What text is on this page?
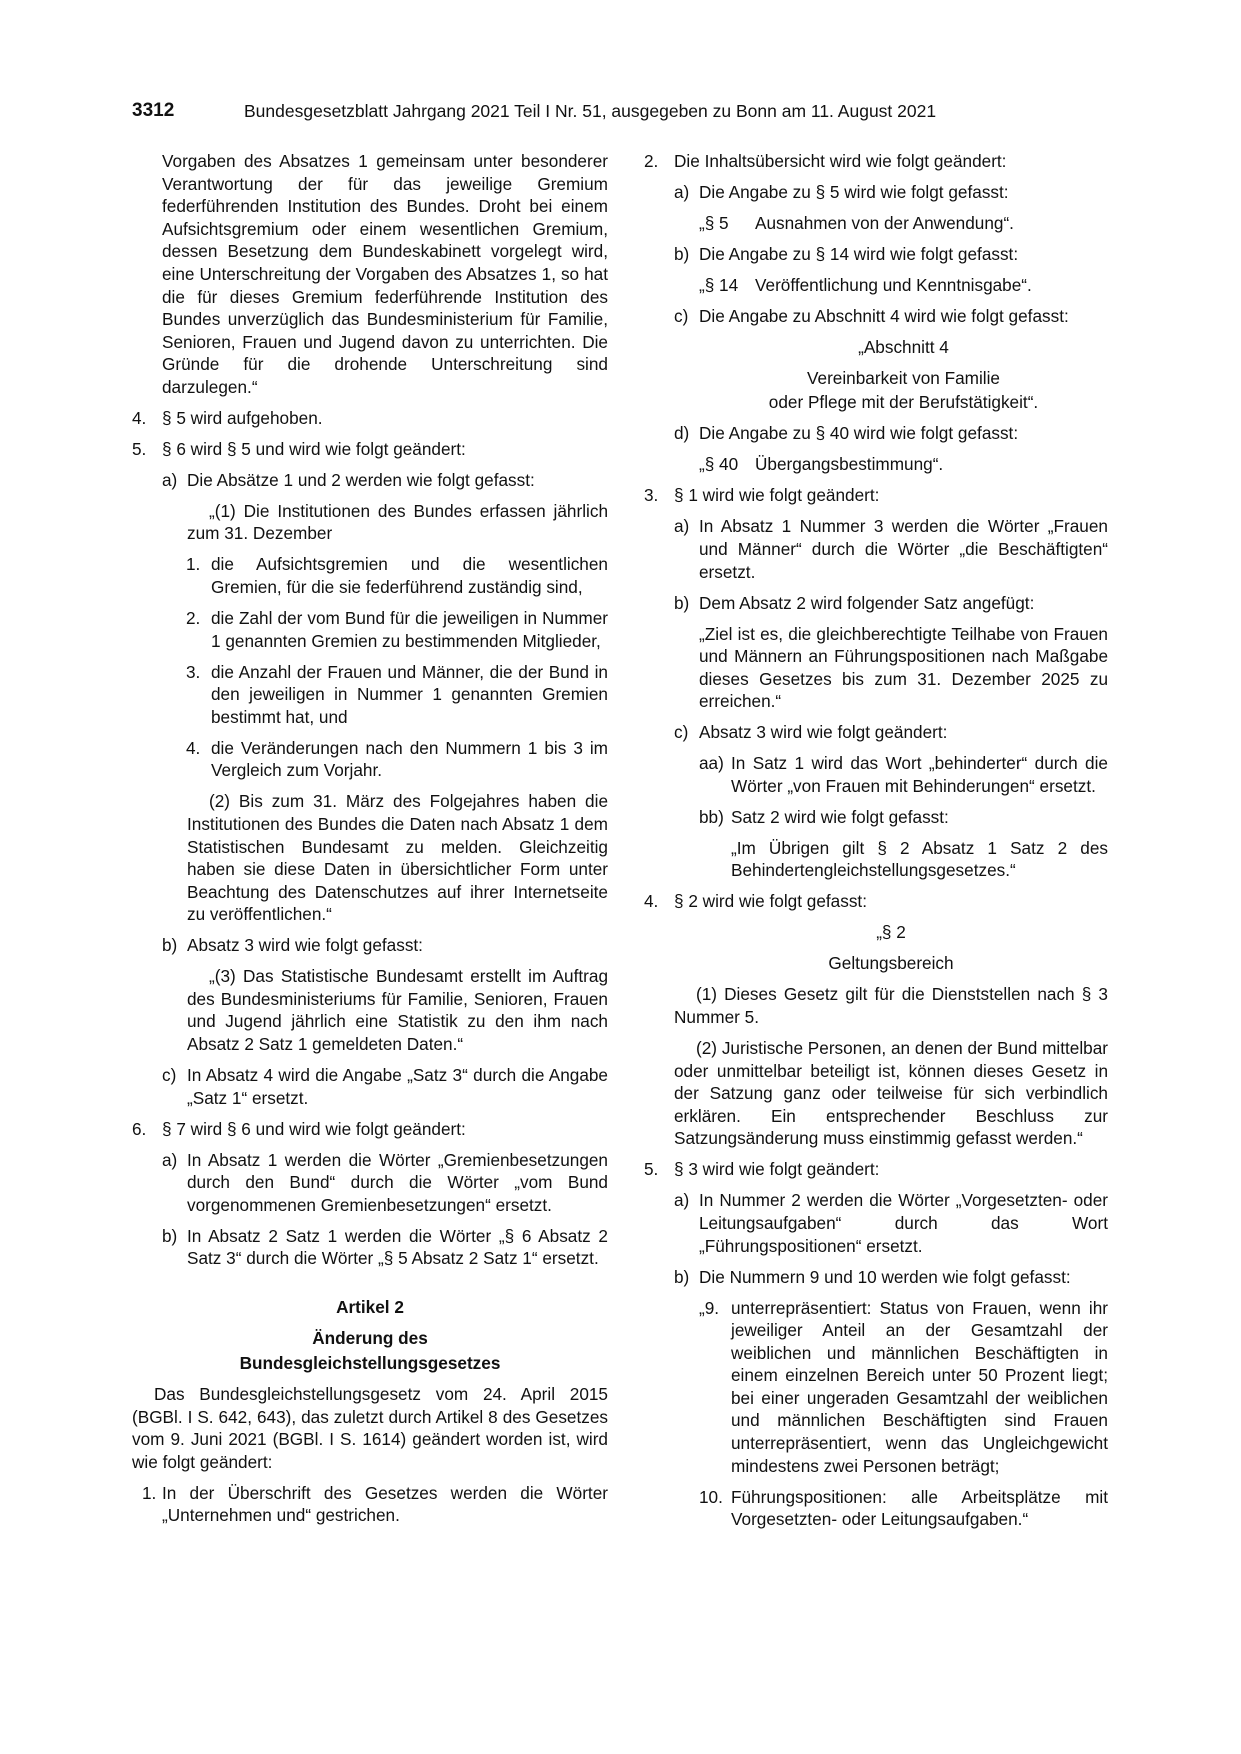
3312	Bundesgesetzblatt Jahrgang 2021 Teil I Nr. 51, ausgegeben zu Bonn am 11. August 2021

Vorgaben des Absatzes 1 gemeinsam unter besonderer Verantwortung der für das jeweilige Gremium federführenden Institution des Bundes. Droht bei einem Aufsichtsgremium oder einem wesentlichen Gremium, dessen Besetzung dem Bundeskabinett vorgelegt wird, eine Unterschreitung der Vorgaben des Absatzes 1, so hat die für dieses Gremium federführende Institution des Bundes unverzüglich das Bundesministerium für Familie, Senioren, Frauen und Jugend davon zu unterrichten. Die Gründe für die drohende Unterschreitung sind darzulegen.“

4. § 5 wird aufgehoben.
5. § 6 wird § 5 und wird wie folgt geändert:
a) Die Absätze 1 und 2 werden wie folgt gefasst:

„(1) Die Institutionen des Bundes erfassen jährlich zum 31. Dezember

1. die Aufsichtsgremien und die wesentlichen Gremien, für die sie federführend zuständig sind,
2. die Zahl der vom Bund für die jeweiligen in Nummer 1 genannten Gremien zu bestimmenden Mitglieder,
3. die Anzahl der Frauen und Männer, die der Bund in den jeweiligen in Nummer 1 genannten Gremien bestimmt hat, und
4. die Veränderungen nach den Nummern 1 bis 3 im Vergleich zum Vorjahr.

(2) Bis zum 31. März des Folgejahres haben die Institutionen des Bundes die Daten nach Absatz 1 dem Statistischen Bundesamt zu melden. Gleichzeitig haben sie diese Daten in übersichtlicher Form unter Beachtung des Datenschutzes auf ihrer Internetseite zu veröffentlichen.“

b) Absatz 3 wird wie folgt gefasst:

„(3) Das Statistische Bundesamt erstellt im Auftrag des Bundesministeriums für Familie, Senioren, Frauen und Jugend jährlich eine Statistik zu den ihm nach Absatz 2 Satz 1 gemeldeten Daten.“

c) In Absatz 4 wird die Angabe „Satz 3“ durch die Angabe „Satz 1“ ersetzt.
6. § 7 wird § 6 und wird wie folgt geändert:
a) In Absatz 1 werden die Wörter „Gremienbesetzungen durch den Bund“ durch die Wörter „vom Bund vorgenommenen Gremienbesetzungen“ ersetzt.
b) In Absatz 2 Satz 1 werden die Wörter „§ 6 Absatz 2 Satz 3“ durch die Wörter „§ 5 Absatz 2 Satz 1“ ersetzt.

Artikel 2

Änderung des

Bundesgleichstellungsgesetzes

Das Bundesgleichstellungsgesetz vom 24. April 2015 (BGBl. I S. 642, 643), das zuletzt durch Artikel 8 des Gesetzes vom 9. Juni 2021 (BGBl. I S. 1614) geändert worden ist, wird wie folgt geändert:

1. In der Überschrift des Gesetzes werden die Wörter „Unternehmen und“ gestrichen.
2. Die Inhaltsübersicht wird wie folgt geändert:
a) Die Angabe zu § 5 wird wie folgt gefasst:
„§ 5	Ausnahmen von der Anwendung“.
b) Die Angabe zu § 14 wird wie folgt gefasst:
„§ 14 Veröffentlichung und Kenntnisgabe“.
c) Die Angabe zu Abschnitt 4 wird wie folgt gefasst:

„Abschnitt 4

Vereinbarkeit von Familie

oder Pflege mit der Berufstätigkeit“.

d) Die Angabe zu § 40 wird wie folgt gefasst:
„§ 40 Übergangsbestimmung“.
3. § 1 wird wie folgt geändert:
a) In Absatz 1 Nummer 3 werden die Wörter „Frauen und Männer“ durch die Wörter „die Beschäftigten“ ersetzt.
b) Dem Absatz 2 wird folgender Satz angefügt:

„Ziel ist es, die gleichberechtigte Teilhabe von Frauen und Männern an Führungspositionen nach Maßgabe dieses Gesetzes bis zum 31. Dezember 2025 zu erreichen.“

c) Absatz 3 wird wie folgt geändert:
aa) In Satz 1 wird das Wort „behinderter“ durch die Wörter „von Frauen mit Behinderungen“ ersetzt.
bb) Satz 2 wird wie folgt gefasst:

„Im Übrigen gilt § 2 Absatz 1 Satz 2 des Behindertengleichstellungsgesetzes.“

4. § 2 wird wie folgt gefasst:

„§ 2

Geltungsbereich

(1) Dieses Gesetz gilt für die Dienststellen nach § 3 Nummer 5.

(2) Juristische Personen, an denen der Bund mittelbar oder unmittelbar beteiligt ist, können dieses Gesetz in der Satzung ganz oder teilweise für sich verbindlich erklären. Ein entsprechender Beschluss zur Satzungsänderung muss einstimmig gefasst werden.“

5. § 3 wird wie folgt geändert:
a) In Nummer 2 werden die Wörter „Vorgesetzten- oder Leitungsaufgaben“ durch das Wort „Führungspositionen“ ersetzt.
b) Die Nummern 9 und 10 werden wie folgt gefasst:
„9. unterrepräsentiert: Status von Frauen, wenn ihr jeweiliger Anteil an der Gesamtzahl der weiblichen und männlichen Beschäftigten in einem einzelnen Bereich unter 50 Prozent liegt; bei einer ungeraden Gesamtzahl der weiblichen und männlichen Beschäftigten sind Frauen unterrepräsentiert, wenn das Ungleichgewicht mindestens zwei Personen beträgt;
10. Führungspositionen: alle Arbeitsplätze mit Vorgesetzten- oder Leitungsaufgaben.“
